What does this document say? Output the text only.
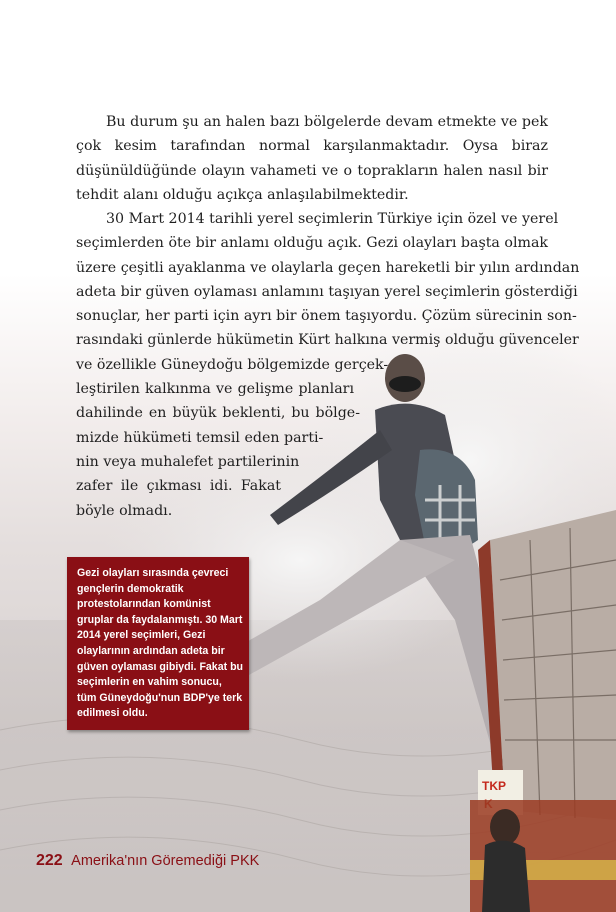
TKP
Bu durum şu an halen bazı bölgelerde devam etmekte ve pek çok kesim tarafından normal karşılanmaktadır. Oysa biraz düşünüldüğünde olayın vahameti ve o toprakların halen nasıl bir tehdit alanı olduğu açıkça anlaşılabilmektedir.
30 Mart 2014 tarihli yerel seçimlerin Türkiye için özel ve yerel
seçimlerden öte bir anlamı olduğu açık. Gezi olayları başta olmak
üzere çeşitli ayaklanma ve olaylarla geçen hareketli bir yılın ardından
adeta bir güven oylaması anlamını taşıyan yerel seçimlerin gösterdiği
sonuçlar, her parti için ayrı bir önem taşıyordu. Çözüm sürecinin son-
rasındaki günlerde hükümetin Kürt halkına vermiş olduğu güvenceler
ve özellikle Güneydoğu bölgemizde gerçek-
leştirilen kalkınma ve gelişme planları
dahilinde en büyük beklenti, bu bölge-
mizde hükümeti temsil eden parti-
nin veya muhalefet partilerinin
zafer ile çıkması idi. Fakat
böyle olmadı.
Gezi olayları sırasında çevreci gençlerin demokratik protestolarından komünist gruplar da faydalanmıştı. 30 Mart 2014 yerel seçimleri, Gezi olaylarının ardından adeta bir güven oylaması gibiydi. Fakat bu seçimlerin en vahim sonucu, tüm Güneydoğu'nun BDP'ye terk edilmesi oldu.
222 Amerika'nın Göremediği PKK
